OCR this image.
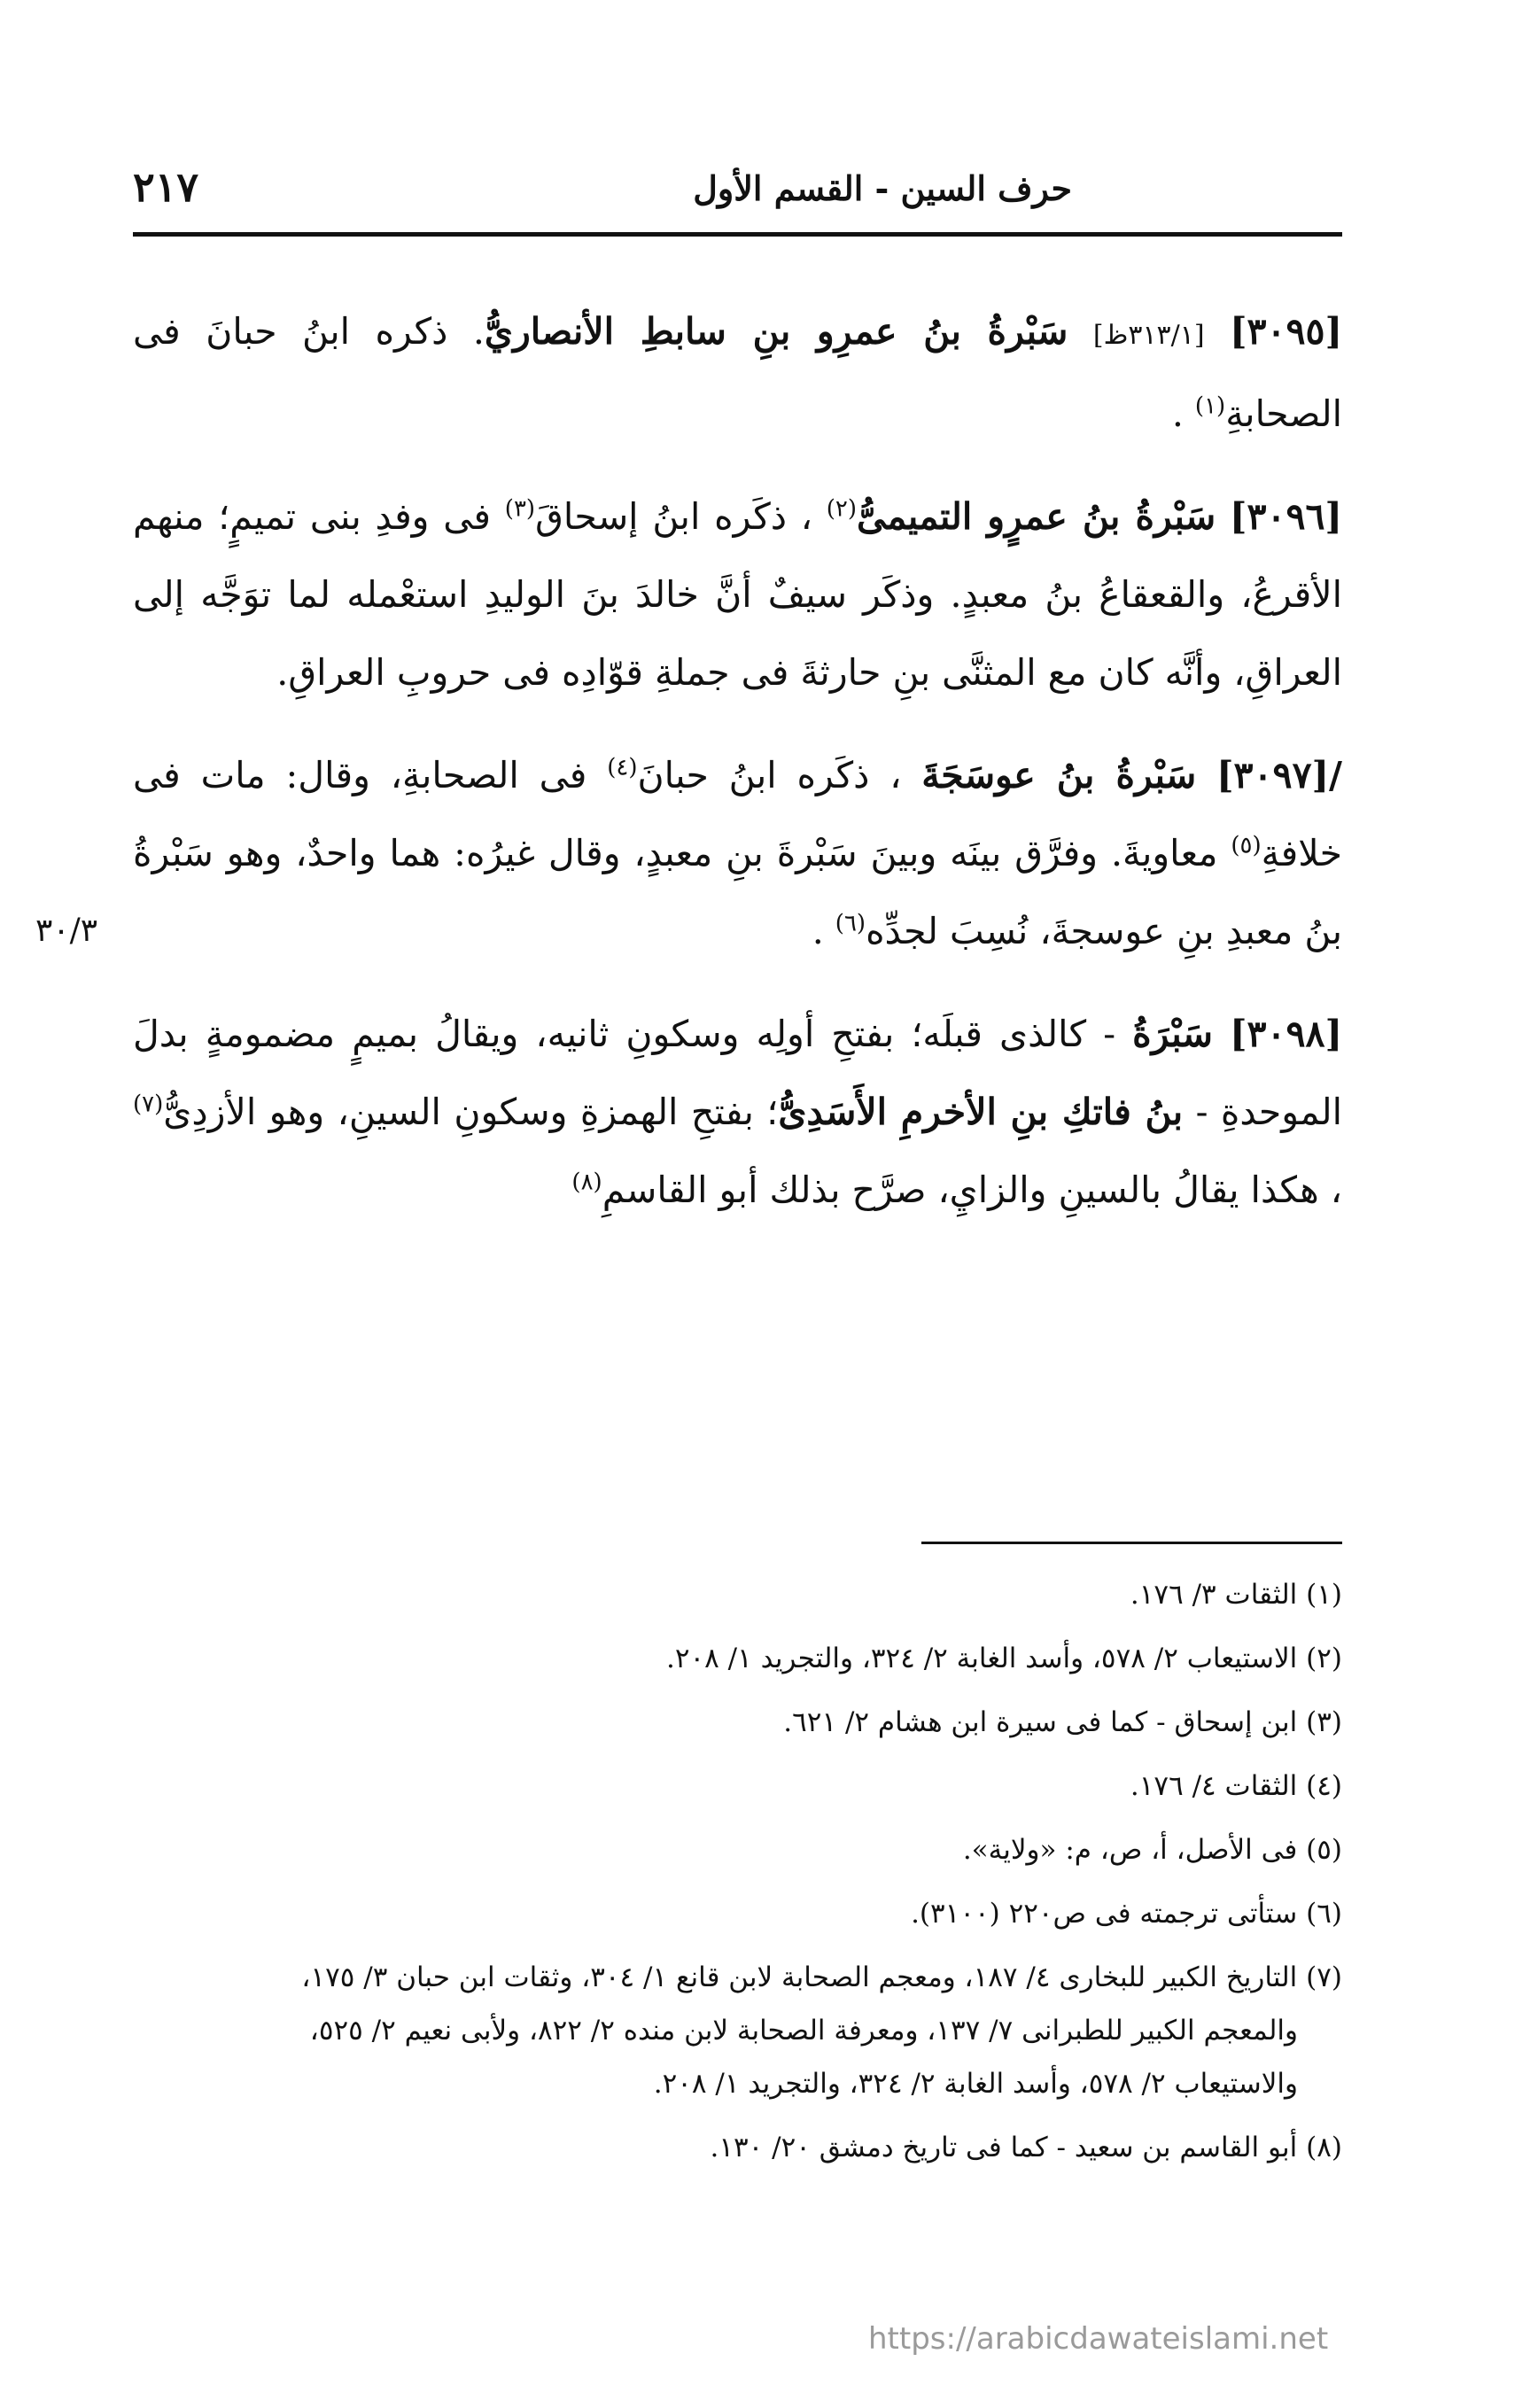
حرف السين - القسم الأول
٢١٧

[٣٠٩٥] [٣١٣/١ظ] سَبْرةُ بنُ عمرِو بنِ سابطِ الأنصاريُّ. ذكره ابنُ حبانَ فى الصحابةِ$^{(١)}$ .

[٣٠٩٦] سَبْرةُ بنُ عمرٍو التميمىُّ$^{(٢)}$ ، ذكَره ابنُ إسحاقَ$^{(٣)}$ فى وفدِ بنى تميمٍ؛ منهم الأقرعُ، والقعقاعُ بنُ معبدٍ. وذكَر سيفٌ أنَّ خالدَ بنَ الوليدِ استعْمله لما توَجَّه إلى العراقِ، وأنَّه كان مع المثنَّى بنِ حارثةَ فى جملةِ قوّادِه فى حروبِ العراقِ.

/[٣٠٩٧] سَبْرةُ بنُ عوسَجَةَ ، ذكَره ابنُ حبانَ$^{(٤)}$ فى الصحابةِ، وقال: مات فى خلافةِ$^{(٥)}$ معاويةَ. وفرَّق بينَه وبينَ سَبْرةَ بنِ معبدٍ، وقال غيرُه: هما واحدٌ، وهو سَبْرةُ بنُ معبدِ بنِ عوسجةَ، نُسِبَ لجدِّه$^{(٦)}$ .

[٣٠٩٨] سَبْرَةُ - كالذى قبلَه؛ بفتحِ أولِه وسكونِ ثانيه، ويقالُ بميمٍ مضمومةٍ بدلَ الموحدةِ - بنُ فاتكِ بنِ الأخرمِ الأَسَدِىُّ؛ بفتحِ الهمزةِ وسكونِ السينِ، وهو الأزدِىُّ$^{(٧)}$ ، هكذا يقالُ بالسينِ والزايِ، صرَّح بذلك أبو القاسمِ$^{(٨)}$

٣٠/٣
(١) الثقات ٣/ ١٧٦.
(٢) الاستيعاب ٢/ ٥٧٨، وأسد الغابة ٢/ ٣٢٤، والتجريد ١/ ٢٠٨.
(٣) ابن إسحاق - كما فى سيرة ابن هشام ٢/ ٦٢١.
(٤) الثقات ٤/ ١٧٦.
(٥) فى الأصل، أ، ص، م: «ولاية».
(٦) ستأتى ترجمته فى ص٢٢٠ (٣١٠٠).
(٧) التاريخ الكبير للبخارى ٤/ ١٨٧، ومعجم الصحابة لابن قانع ١/ ٣٠٤، وثقات ابن حبان ٣/ ١٧٥،
والمعجم الكبير للطبرانى ٧/ ١٣٧، ومعرفة الصحابة لابن منده ٢/ ٨٢٢، ولأبى نعيم ٢/ ٥٢٥،
والاستيعاب ٢/ ٥٧٨، وأسد الغابة ٢/ ٣٢٤، والتجريد ١/ ٢٠٨.
(٨) أبو القاسم بن سعيد - كما فى تاريخ دمشق ٢٠/ ١٣٠.
https://arabicdawateislami.net
